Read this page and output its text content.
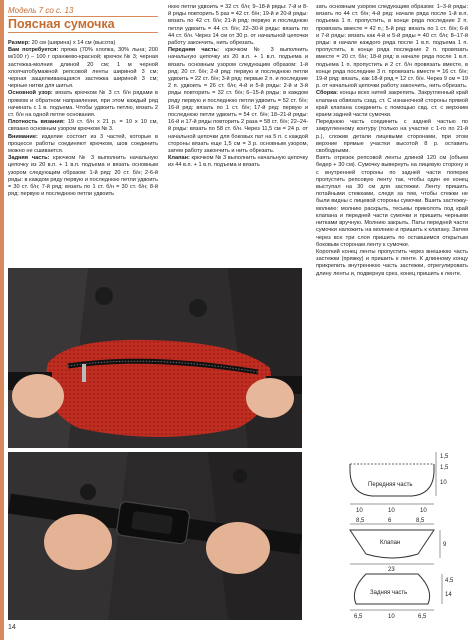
Модель 7 со с. 13
Поясная сумочка

Размер: 20 см (ширина) x 14 см (высота)

Вам потребуется: пряжа (70% хлопка, 30% льна; 200 м/100 г) – 100 г оранжево-красной; крючок № 3; черная застежка-молния длиной 20 см; 1 м черной хлопчатобумажной репсовой ленты шириной 3 см; черная защелкивающаяся застежка шириной 3 см; черные нитки для шитья.

Основной узор: вязать крючком № 3 ст. б/н рядами в прямом и обратном направлении, при этом каждый ряд начинать с 1 в. подъема. Чтобы удвоить петлю, вязать 2 ст. б/н на одной петле основания.

Плотность вязания: 19 ст. б/н x 21 р. = 10 x 10 см, связано основным узором крючком № 3.

Внимание: изделие состоит из 3 частей, которые в процессе работы соединяют крючком, шов соединить можно не сшивается.

Задняя часть: крючком № 3 выполнить начальную цепочку из 20 в.п. + 1 в.п. подъема и вязать основным узором следующим образом: 1-й ряд: 20 ст. б/н; 2-6-й ряды: в каждом ряду первую и последнюю петли удвоить = 30 ст. б/н; 7-й ряд: вязать по 1 ст. б/н = 30 ст. б/н; 8-й ряд: первую и последнюю петли удвоить

нюю петли удвоить = 32 ст. б/н; 9–18-й ряды: 7-й и 8-й ряды повторить 5 раз = 42 ст. б/н; 19-й и 20-й ряды: вязать по 42 ст. б/н; 21-й ряд: первую и последнюю петли удвоить = 44 ст. б/н; 22–30-й ряды: вязать по 44 ст. б/н. Через 14 см от 30 р. от начальной цепочки работу закончить, нить обрезать.

Передняя часть: крючком № 3 выполнить начальную цепочку из 20 в.п. + 1 в.п. подъема и вязать основным узором следующим образом: 1-й ряд: 20 ст. б/н; 2-й ряд: первую и последнюю петли удвоить = 22 ст. б/н; 3-й ряд: первые 2 п. и последние 2 п. удвоить = 26 ст. б/н; 4-й и 5-й ряды: 2-й и 3-й ряды повторить = 32 ст. б/н; 6–15-й ряды: в каждом ряду первую и последнюю петли удвоить = 52 ст. б/н; 16-й ряд: вязать по 1 ст. б/н; 17-й ряд: первую и последнюю петли удвоить = 54 ст. б/н; 18–21-й ряды: 16-й и 17-й ряды повторить 2 раза = 58 ст. б/н; 22–24-й ряды: вязать по 58 ст. б/н. Через 11,5 см = 24 р. от начальной цепочки для боковых пат на 5 п. с каждой стороны вязать еще 1,5 см = 3 р. основным узором, затем работу закончить и нить обрезать.

Клапан: крючком № 3 выполнить начальную цепочку из 44 в.п. + 1 в.п. подъема и вязать

зать основным узором следующим образом: 1–3-й ряды: вязать по 44 ст. б/н; 4-й ряд: начале ряда после 1-й в.п. подъема 1 п. пропустить, в конце ряда последние 2 п. провязать вместе = 42 п.; 5-й ряд: вязать по 1 ст. б/н; 6-й и 7-й ряды: вязать как 4-й и 5-й ряды = 40 ст. б/н; 8–17-й ряды: в начале каждого ряда после 1 в.п. подъема 1 п. пропустить, в конце ряда последние 2 п. провязать вместе = 20 ст. б/н; 18-й ряд: в начале ряда после 1 в.п. подъема 1 п. пропустить и 2 ст. б/н провязать вместе, в конце ряда последние 3 п. провязать вместе = 16 ст. б/н; 19-й ряд: вязать, как 18-й ряд = 12 ст. б/н. Через 9 см = 19 р. от начальной цепочки работу закончить, нить обрезать.

Сборка: концы всех нитей закрепить. Закругленный край клапана обвязать сзад. ст. С изнаночной стороны прямой край клапана соединить с помощью свд. ст. с верхним краем задней части сумочки.

Переднюю часть соединить с задней частью по закругленному контуру (только на участке с 1-го по 21-й р.), сложив детали лицевыми сторонами, при этом верхние прямые участки высотой 8 р. оставить свободными.

Взять отрезок репсовой ленты длиной 120 см (объем бедер + 30 см). Сумочку вывернуть на лицевую сторону и с внутренней стороны по задней части поперек пропустить репсовую ленту так, чтобы один ее конец выступал на 30 см для застежки. Ленту пришить потайными стежками, следя за тем, чтобы стежки не были видны с лицевой стороны сумочки. Вшить застежку-молнию: молнию раскрыть, тесьмы приколоть под край клапана и передней части сумочки и пришить черными нитками вручную. Молнию закрыть. Паты передней части сумочки наложить на молнию и пришить к клапану. Затем через все три слоя пришить по оставшимся открытым боковым сторонам ленту к сумочке.

Короткий конец ленты пропустить через внешнюю часть застежки (пряжку) и пришить к ленте. К длинному концу прикрепить внутреннюю часть застежки, отрегулировать длину ленты и, подвернув срез, конец пришить к ленте.

Передняя часть
1,5
1,5
10
10	10	10
8,5	6	8,5
Клапан	9
23
Задняя часть
4,5
14
6,5	10	6,5
14
